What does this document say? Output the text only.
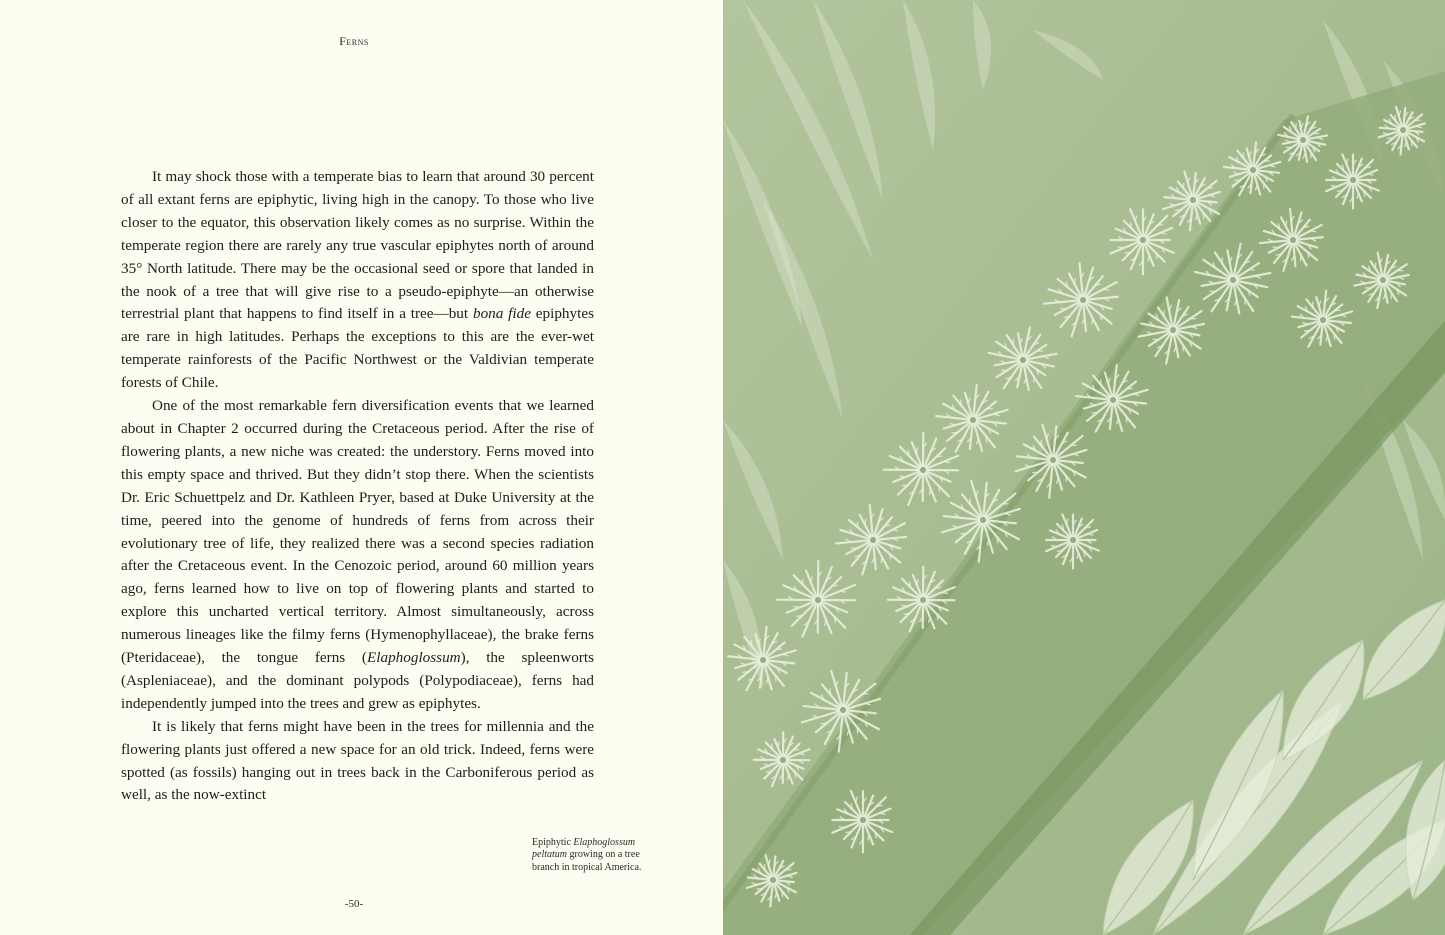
Ferns

It may shock those with a temperate bias to learn that around 30 percent of all extant ferns are epiphytic, living high in the canopy. To those who live closer to the equator, this observation likely comes as no surprise. Within the temperate region there are rarely any true vascular epiphytes north of around 35° North latitude. There may be the occasional seed or spore that landed in the nook of a tree that will give rise to a pseudo-epiphyte—an otherwise terrestrial plant that happens to find itself in a tree—but bona fide epiphytes are rare in high latitudes. Perhaps the exceptions to this are the ever-wet temperate rainforests of the Pacific Northwest or the Valdivian temperate forests of Chile.

One of the most remarkable fern diversification events that we learned about in Chapter 2 occurred during the Cretaceous period. After the rise of flowering plants, a new niche was created: the understory. Ferns moved into this empty space and thrived. But they didn’t stop there. When the scientists Dr. Eric Schuettpelz and Dr. Kathleen Pryer, based at Duke University at the time, peered into the genome of hundreds of ferns from across their evolutionary tree of life, they realized there was a second species radiation after the Cretaceous event. In the Cenozoic period, around 60 million years ago, ferns learned how to live on top of flowering plants and started to explore this uncharted vertical territory. Almost simultaneously, across numerous lineages like the filmy ferns (Hymenophyllaceae), the brake ferns (Pteridaceae), the tongue ferns (Elaphoglossum), the spleenworts (Aspleniaceae), and the dominant polypods (Polypodiaceae), ferns had independently jumped into the trees and grew as epiphytes.

It is likely that ferns might have been in the trees for millennia and the flowering plants just offered a new space for an old trick. Indeed, ferns were spotted (as fossils) hanging out in trees back in the Carboniferous period as well, as the now-extinct

Epiphytic Elaphoglossum peltatum growing on a tree branch in tropical America.
-50-
